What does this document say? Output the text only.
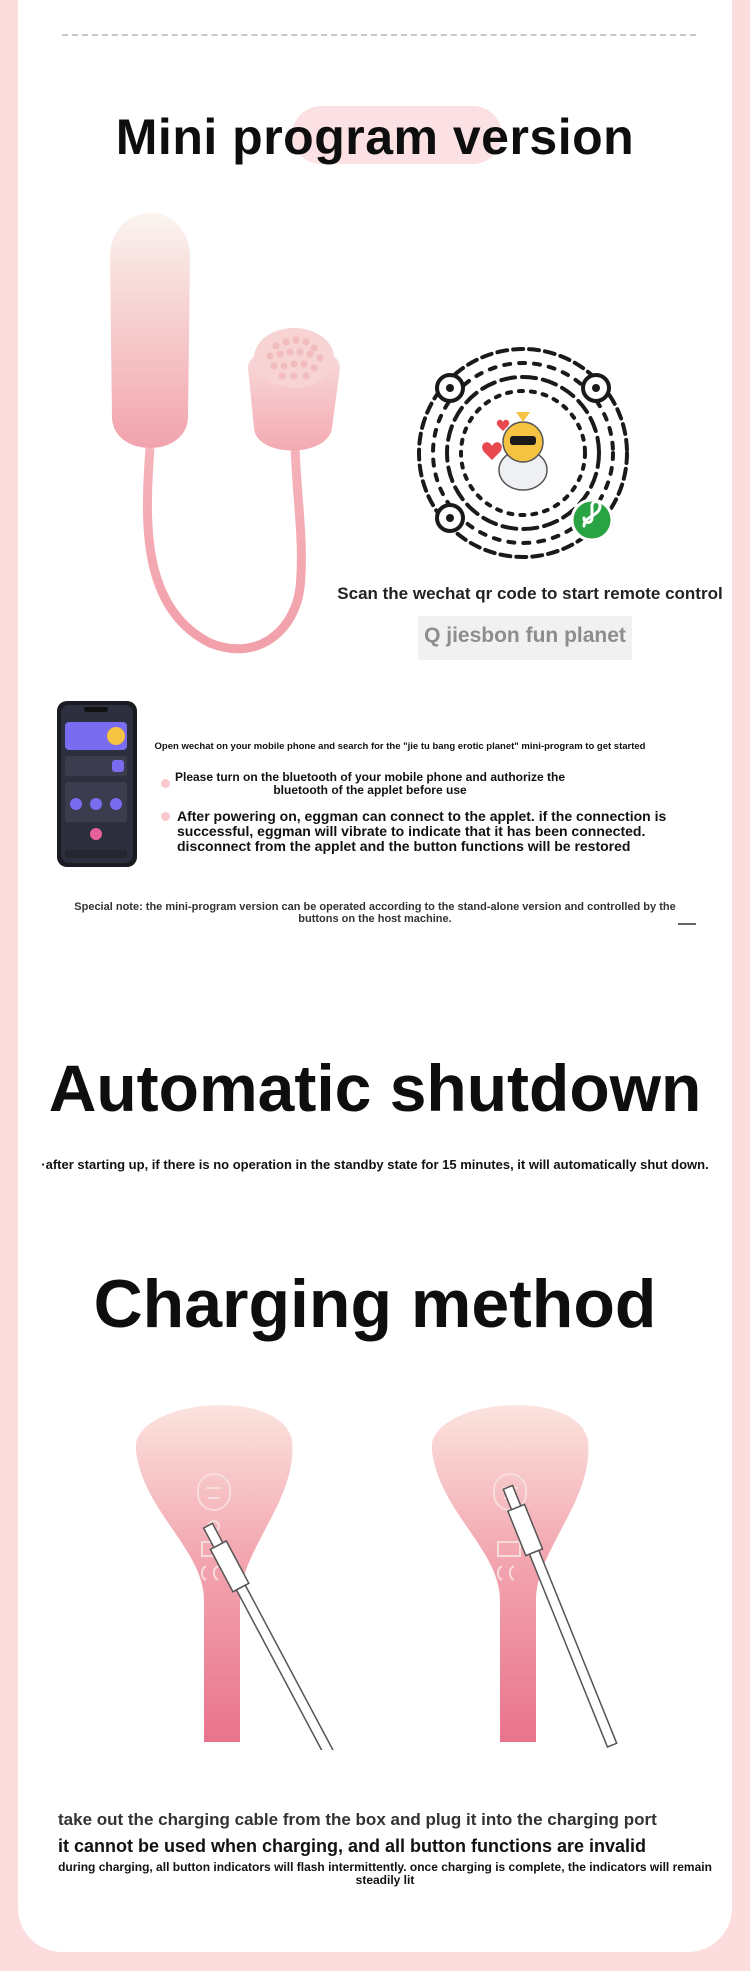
Mini program version
Scan the wechat qr code to start remote control
Q jiesbon fun planet
Open wechat on your mobile phone and search for the "jie tu bang erotic planet" mini-program to get started
Please turn on the bluetooth of your mobile phone and authorize the bluetooth of the applet before use
After powering on, eggman can connect to the applet. if the connection is successful, eggman will vibrate to indicate that it has been connected. disconnect from the applet and the button functions will be restored
Special note: the mini-program version can be operated according to the stand-alone version and controlled by the buttons on the host machine.
Automatic shutdown
·after starting up, if there is no operation in the standby state for 15 minutes, it will automatically shut down.
Charging method
take out the charging cable from the box and plug it into the charging port
it cannot be used when charging, and all button functions are invalid
during charging, all button indicators will flash intermittently. once charging is complete, the indicators will remain steadily lit
